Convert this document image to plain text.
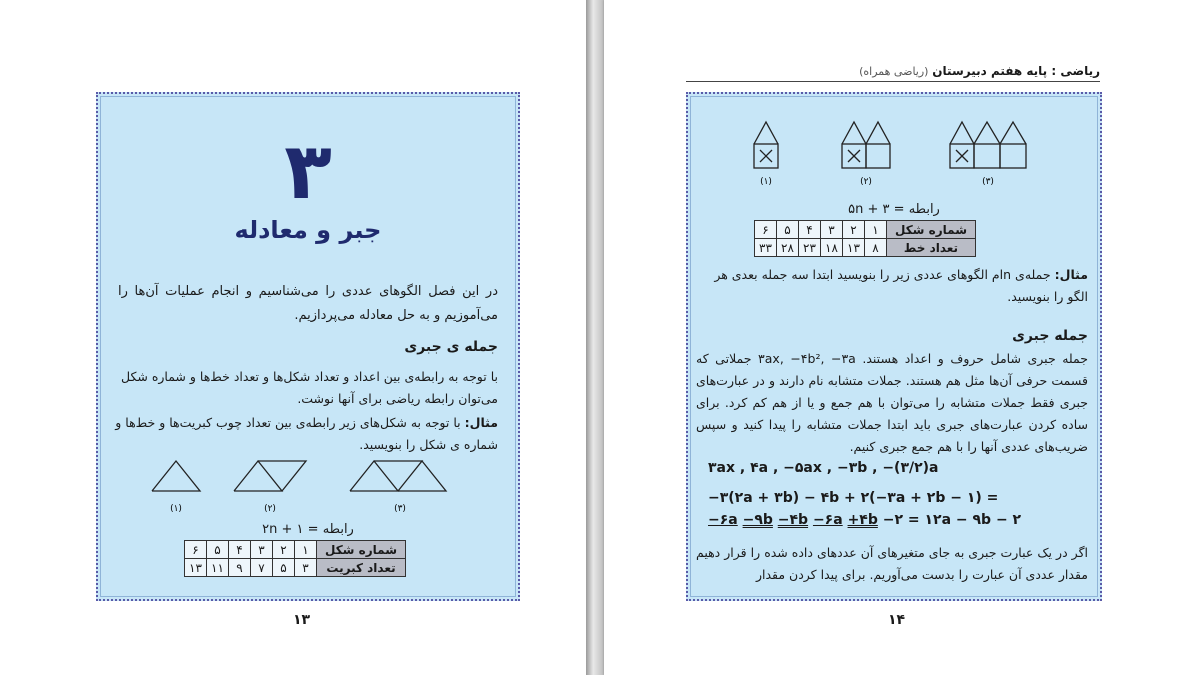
۳
جبر و معادله
در این فصل الگوهای عددی را می‌شناسیم و انجام عملیات آن‌ها را می‌آموزیم و به حل معادله می‌پردازیم.
جمله ی جبری
با توجه به رابطه‌ی بین اعداد و تعداد شکل‌ها و تعداد خط‌ها و شماره شکل می‌توان رابطه ریاضی برای آنها نوشت.
مثال: با توجه به شکل‌های زیر رابطه‌ی بین تعداد چوب کبریت‌ها و خط‌ها و شماره ی شکل را بنویسید.
(۱)	(۲)	(۳)
۲n + ۱ = رابطه
شماره شکل	۱	۲	۳	۴	۵	۶
تعداد کبریت	۳	۵	۷	۹	۱۱	۱۳
۱۳
ریاضی : پایه هفتم دبیرستان (ریاضی همراه)
(۱)	(۲)	(۳)
۵n + ۳ = رابطه
شماره شکل	۱	۲	۳	۴	۵	۶
تعداد خط	۸	۱۳	۱۸	۲۳	۲۸	۳۳
مثال: جمله‌ی nام الگوهای عددی زیر را بنویسید ابتدا سه جمله بعدی هر الگو را بنویسید.
جمله جبری
جمله جبری شامل حروف و اعداد هستند. ۳ax, −۴b², −۳a جملاتی که قسمت حرفی آن‌ها مثل هم هستند. جملات متشابه نام دارند و در عبارت‌های جبری فقط جملات متشابه را می‌توان با هم جمع و یا از هم کم کرد. برای ساده کردن عبارت‌های جبری باید ابتدا جملات متشابه را پیدا کنید و سپس ضریب‌های عددی آنها را با هم جمع جبری کنیم.
۳ax , ۴a , −۵ax , −۳b , −(۳/۲)a
−۳(۲a + ۳b) − ۴b + ۲(−۳a + ۲b − ۱) =
−۶a −۹b −۴b −۶a +۴b −۲ = ۱۲a − ۹b − ۲
اگر در یک عبارت جبری به جای متغیرهای آن عددهای داده شده را قرار دهیم مقدار عددی آن عبارت را بدست می‌آوریم. برای پیدا کردن مقدار
۱۴
